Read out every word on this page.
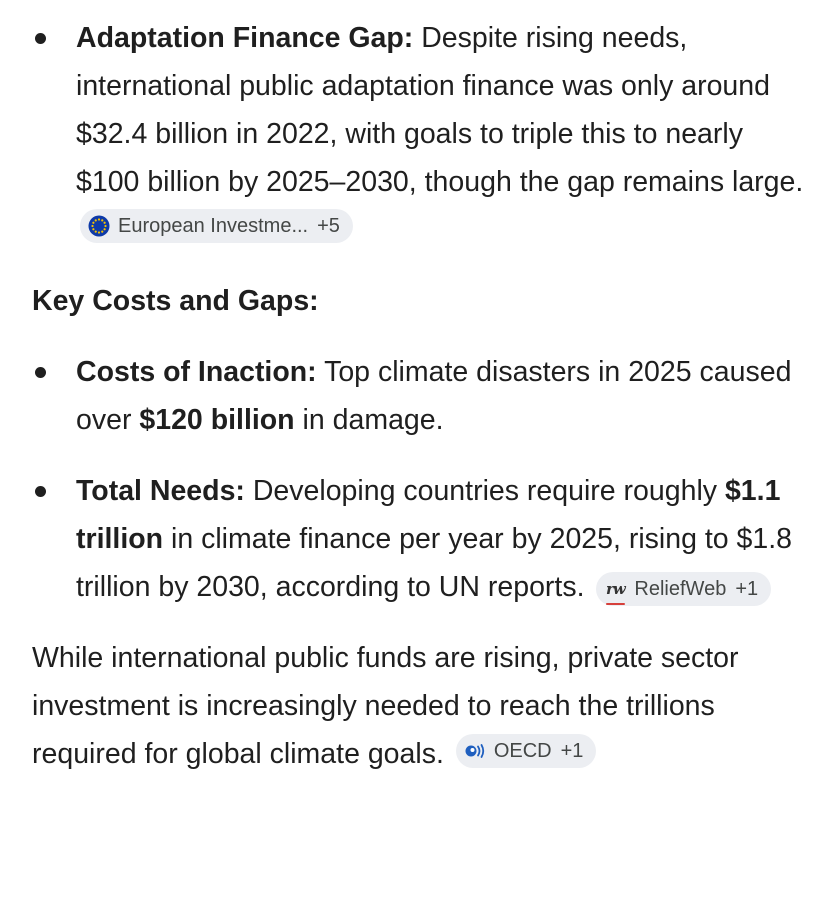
Adaptation Finance Gap: Despite rising needs, international public adaptation finance was only around $32.4 billion in 2022, with goals to triple this to nearly $100 billion by 2025–2030, though the gap remains large.
European Investme... +5
Key Costs and Gaps:
Costs of Inaction: Top climate disasters in 2025 caused over $120 billion in damage.
Total Needs: Developing countries require roughly $1.1 trillion in climate finance per year by 2025, rising to $1.8 trillion by 2030, according to UN reports. rw ReliefWeb +1

While international public funds are rising, private sector investment is increasingly needed to reach the trillions required for global climate goals. OECD +1
